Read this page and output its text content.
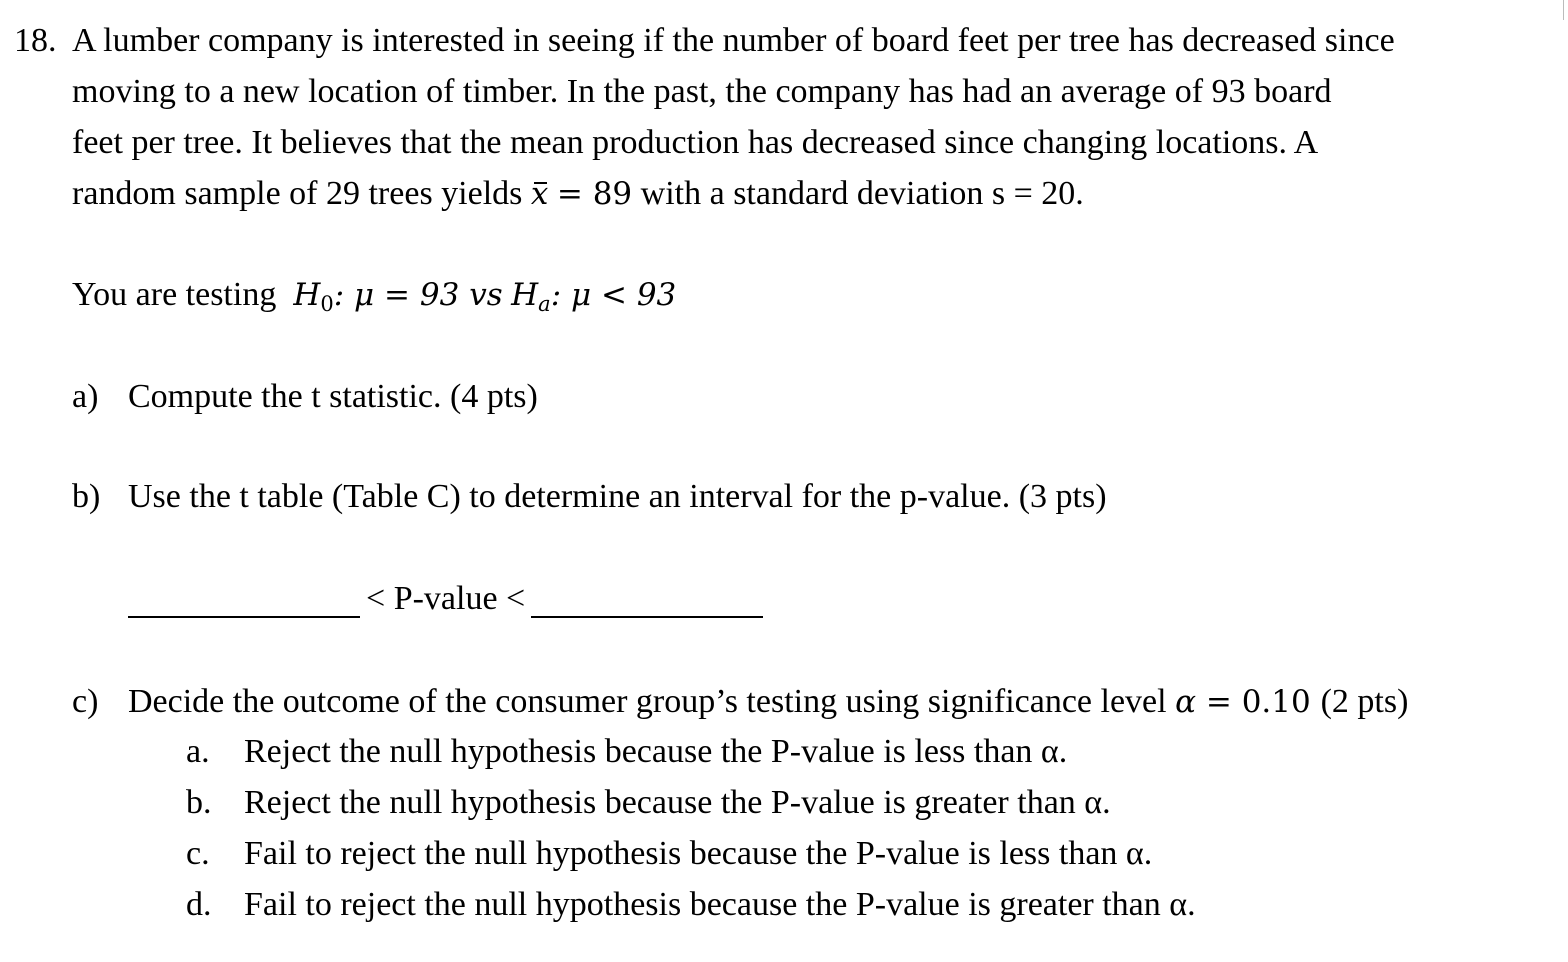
18. A lumber company is interested in seeing if the number of board feet per tree has decreased since
moving to a new location of timber. In the past, the company has had an average of 93 board
feet per tree. It believes that the mean production has decreased since changing locations. A
random sample of 29 trees yields x = 89 with a standard deviation s = 20.
You are testing $H_0$: μ = 93 vs Ha: μ < 93
a) Compute the t statistic. (4 pts)
b) Use the t table (Table C) to determine an interval for the p-value. (3 pts)
< P-value <
c) Decide the outcome of the consumer group’s testing using significance level α = 0.10 (2 pts)
a. Reject the null hypothesis because the P-value is less than α.
b. Reject the null hypothesis because the P-value is greater than α.
c. Fail to reject the null hypothesis because the P-value is less than α.
d. Fail to reject the null hypothesis because the P-value is greater than α.
